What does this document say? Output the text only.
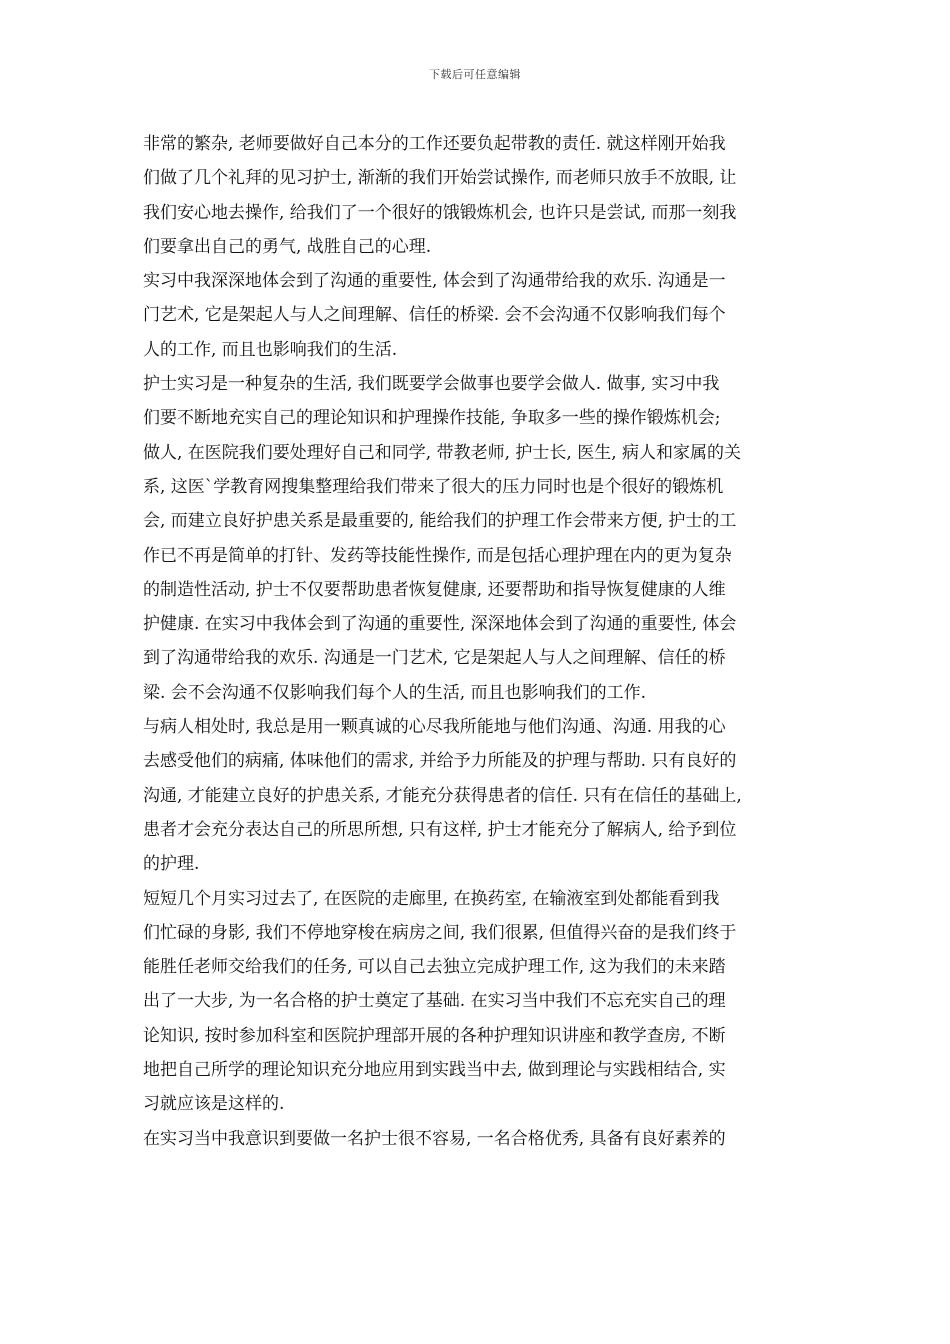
下载后可任意编辑
非常的繁杂, 老师要做好自己本分的工作还要负起带教的责任. 就这样刚开始我
们做了几个礼拜的见习护士, 渐渐的我们开始尝试操作, 而老师只放手不放眼, 让
我们安心地去操作, 给我们了一个很好的饿锻炼机会, 也许只是尝试, 而那一刻我
们要拿出自己的勇气, 战胜自己的心理.
实习中我深深地体会到了沟通的重要性, 体会到了沟通带给我的欢乐. 沟通是一
门艺术, 它是架起人与人之间理解、信任的桥梁. 会不会沟通不仅影响我们每个
人的工作, 而且也影响我们的生活.
护士实习是一种复杂的生活, 我们既要学会做事也要学会做人. 做事, 实习中我
们要不断地充实自己的理论知识和护理操作技能, 争取多一些的操作锻炼机会;
做人, 在医院我们要处理好自己和同学, 带教老师, 护士长, 医生, 病人和家属的关
系, 这医`学教育网搜集整理给我们带来了很大的压力同时也是个很好的锻炼机
会, 而建立良好护患关系是最重要的, 能给我们的护理工作会带来方便, 护士的工
作已不再是简单的打针、发药等技能性操作, 而是包括心理护理在内的更为复杂
的制造性活动, 护士不仅要帮助患者恢复健康, 还要帮助和指导恢复健康的人维
护健康. 在实习中我体会到了沟通的重要性, 深深地体会到了沟通的重要性, 体会
到了沟通带给我的欢乐. 沟通是一门艺术, 它是架起人与人之间理解、信任的桥
梁. 会不会沟通不仅影响我们每个人的生活, 而且也影响我们的工作.
与病人相处时, 我总是用一颗真诚的心尽我所能地与他们沟通、沟通. 用我的心
去感受他们的病痛, 体味他们的需求, 并给予力所能及的护理与帮助. 只有良好的
沟通, 才能建立良好的护患关系, 才能充分获得患者的信任. 只有在信任的基础上,
患者才会充分表达自己的所思所想, 只有这样, 护士才能充分了解病人, 给予到位
的护理.
短短几个月实习过去了, 在医院的走廊里, 在换药室, 在输液室到处都能看到我
们忙碌的身影, 我们不停地穿梭在病房之间, 我们很累, 但值得兴奋的是我们终于
能胜任老师交给我们的任务, 可以自己去独立完成护理工作, 这为我们的未来踏
出了一大步, 为一名合格的护士奠定了基础. 在实习当中我们不忘充实自己的理
论知识, 按时参加科室和医院护理部开展的各种护理知识讲座和教学查房, 不断
地把自己所学的理论知识充分地应用到实践当中去, 做到理论与实践相结合, 实
习就应该是这样的.
在实习当中我意识到要做一名护士很不容易, 一名合格优秀, 具备有良好素养的
